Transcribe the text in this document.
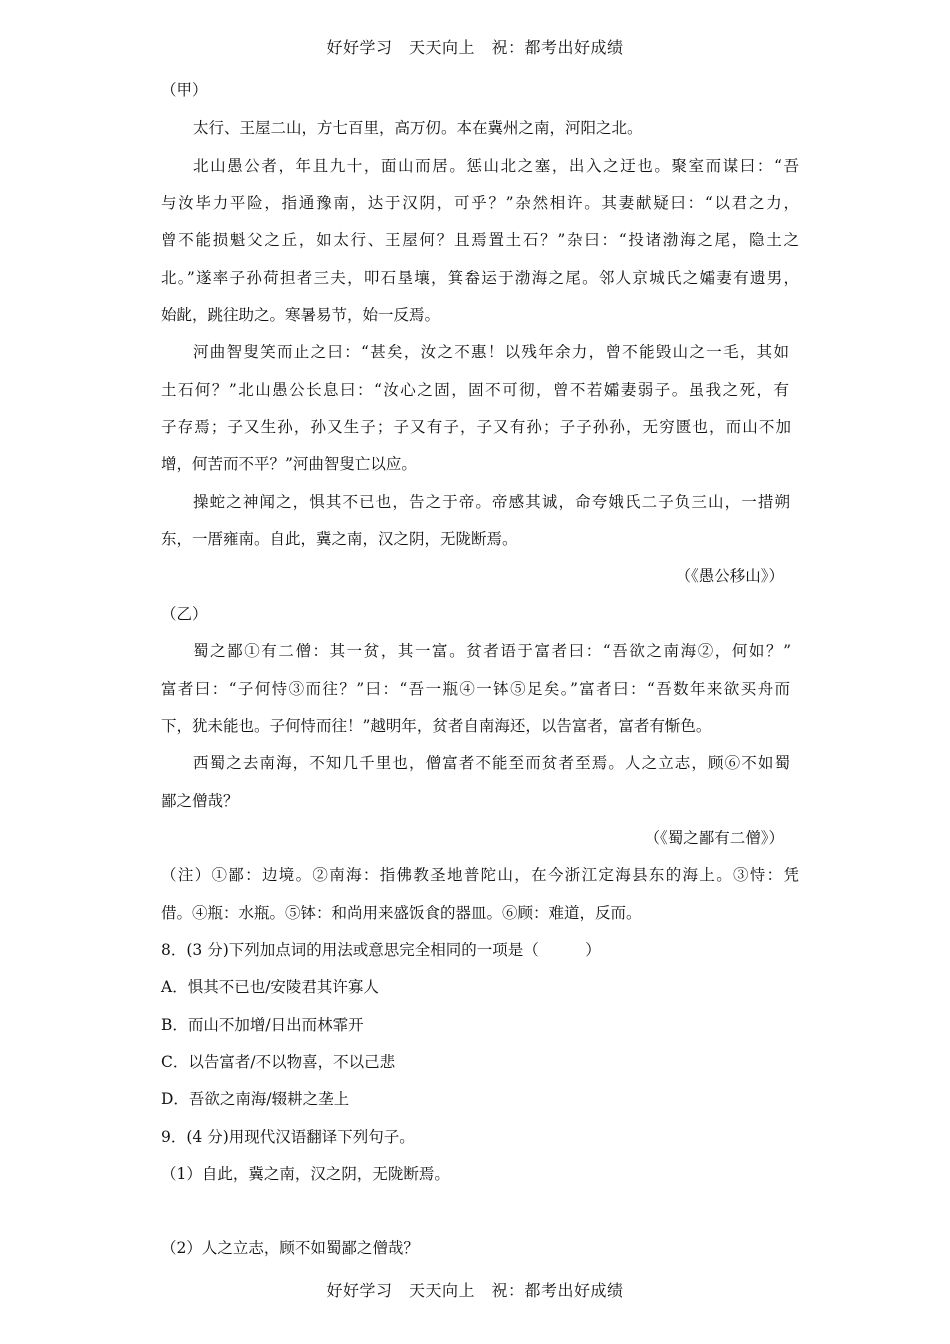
好好学习　天天向上　祝：都考出好成绩
（甲）
太行、王屋二山，方七百里，高万仞。本在冀州之南，河阳之北。
北山愚公者，年且九十，面山而居。惩山北之塞，出入之迂也。聚室而谋曰：“吾
与汝毕力平险，指通豫南，达于汉阴，可乎？”杂然相许。其妻献疑曰：“以君之力，
曾不能损魁父之丘，如太行、王屋何？且焉置土石？”杂曰：“投诸渤海之尾，隐土之
北。”遂率子孙荷担者三夫，叩石垦壤，箕畚运于渤海之尾。邻人京城氏之孀妻有遗男，
始龀，跳往助之。寒暑易节，始一反焉。
河曲智叟笑而止之曰：“甚矣，汝之不惠！以残年余力，曾不能毁山之一毛，其如
土石何？”北山愚公长息曰：“汝心之固，固不可彻，曾不若孀妻弱子。虽我之死，有
子存焉；子又生孙，孙又生子；子又有子，子又有孙；子子孙孙，无穷匮也，而山不加
增，何苦而不平？”河曲智叟亡以应。
操蛇之神闻之，惧其不已也，告之于帝。帝感其诚，命夸娥氏二子负三山，一措朔
东，一厝雍南。自此，冀之南，汉之阴，无陇断焉。
（《愚公移山》）
（乙）
蜀之鄙①有二僧：其一贫，其一富。贫者语于富者曰：“吾欲之南海②，何如？”
富者曰：“子何恃③而往？”曰：“吾一瓶④一钵⑤足矣。”富者曰：“吾数年来欲买舟而
下，犹未能也。子何恃而往！”越明年，贫者自南海还，以告富者，富者有惭色。
西蜀之去南海，不知几千里也，僧富者不能至而贫者至焉。人之立志，顾⑥不如蜀
鄙之僧哉？
（《蜀之鄙有二僧》）
（注）①鄙：边境。②南海：指佛教圣地普陀山，在今浙江定海县东的海上。③恃：凭
借。④瓶：水瓶。⑤钵：和尚用来盛饭食的器皿。⑥顾：难道，反而。
8．(3 分)下列加点词的用法或意思完全相同的一项是（　　　）
A．惧其不已也/安陵君其许寡人
B．而山不加增/日出而林霏开
C．以告富者/不以物喜，不以己悲
D．吾欲之南海/辍耕之垄上
9．(4 分)用现代汉语翻译下列句子。
（1）自此，冀之南，汉之阴，无陇断焉。
（2）人之立志，顾不如蜀鄙之僧哉？
好好学习　天天向上　祝：都考出好成绩
